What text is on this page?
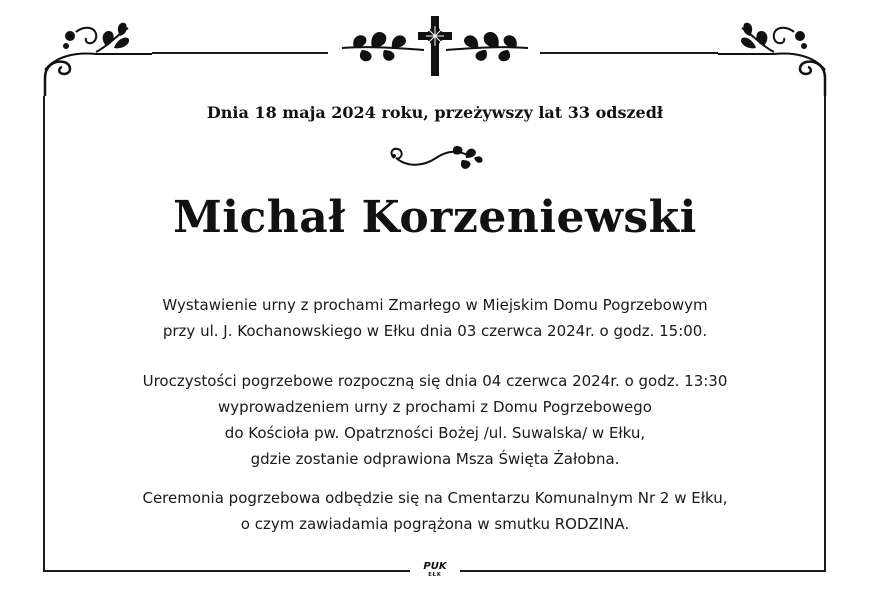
Dnia 18 maja 2024 roku, przeżywszy lat 33 odszedł
Michał Korzeniewski
Wystawienie urny z prochami Zmarłego w Miejskim Domu Pogrzebowym
przy ul. J. Kochanowskiego w Ełku dnia 03 czerwca 2024r. o godz. 15:00.
Uroczystości pogrzebowe rozpoczną się dnia 04 czerwca 2024r. o godz. 13:30
wyprowadzeniem urny z prochami z Domu Pogrzebowego
do Kościoła pw. Opatrzności Bożej /ul. Suwalska/ w Ełku,
gdzie zostanie odprawiona Msza Święta Żałobna.
Ceremonia pogrzebowa odbędzie się na Cmentarzu Komunalnym Nr 2 w Ełku,
o czym zawiadamia pogrążona w smutku RODZINA.
PUK
EŁK
